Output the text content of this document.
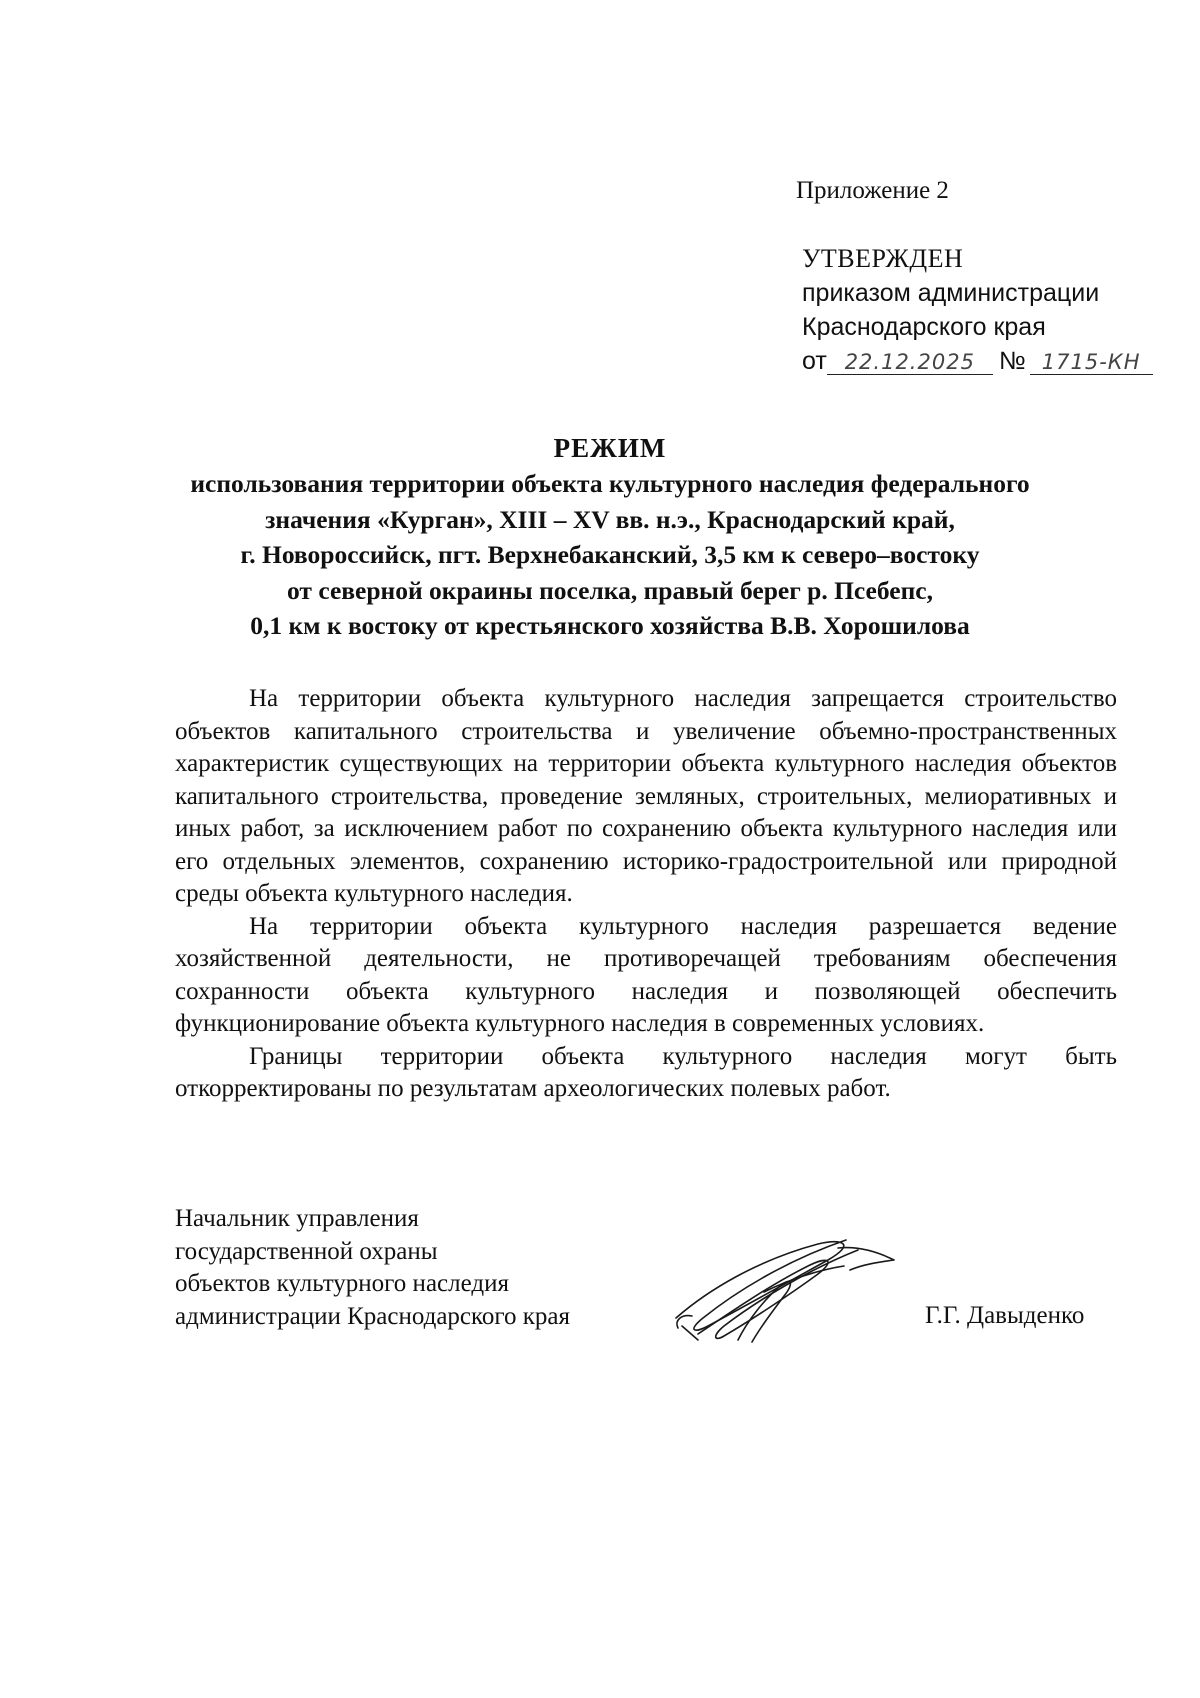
Приложение 2
УТВЕРЖДЕН
приказом администрации
Краснодарского края
от 22.12.2025 № 1715-КН
РЕЖИМ
использования территории объекта культурного наследия федерального
значения «Курган», XIII – XV вв. н.э., Краснодарский край,
г. Новороссийск, пгт. Верхнебаканский, 3,5 км к северо–востоку
от северной окраины поселка, правый берег р. Псебепс,
0,1 км к востоку от крестьянского хозяйства В.В. Хорошилова

На территории объекта культурного наследия запрещается строительство объектов капитального строительства и увеличение объемно-пространственных характеристик существующих на территории объекта культурного наследия объектов капитального строительства, проведение земляных, строительных, мелиоративных и иных работ, за исключением работ по сохранению объекта культурного наследия или его отдельных элементов, сохранению историко-градостроительной или природной среды объекта культурного наследия.

На территории объекта культурного наследия разрешается ведение хозяйственной деятельности, не противоречащей требованиям обеспечения сохранности объекта культурного наследия и позволяющей обеспечить функционирование объекта культурного наследия в современных условиях.

Границы территории объекта культурного наследия могут быть откорректированы по результатам археологических полевых работ.

Начальник управления
государственной охраны
объектов культурного наследия
администрации Краснодарского края	Г.Г. Давыденко
